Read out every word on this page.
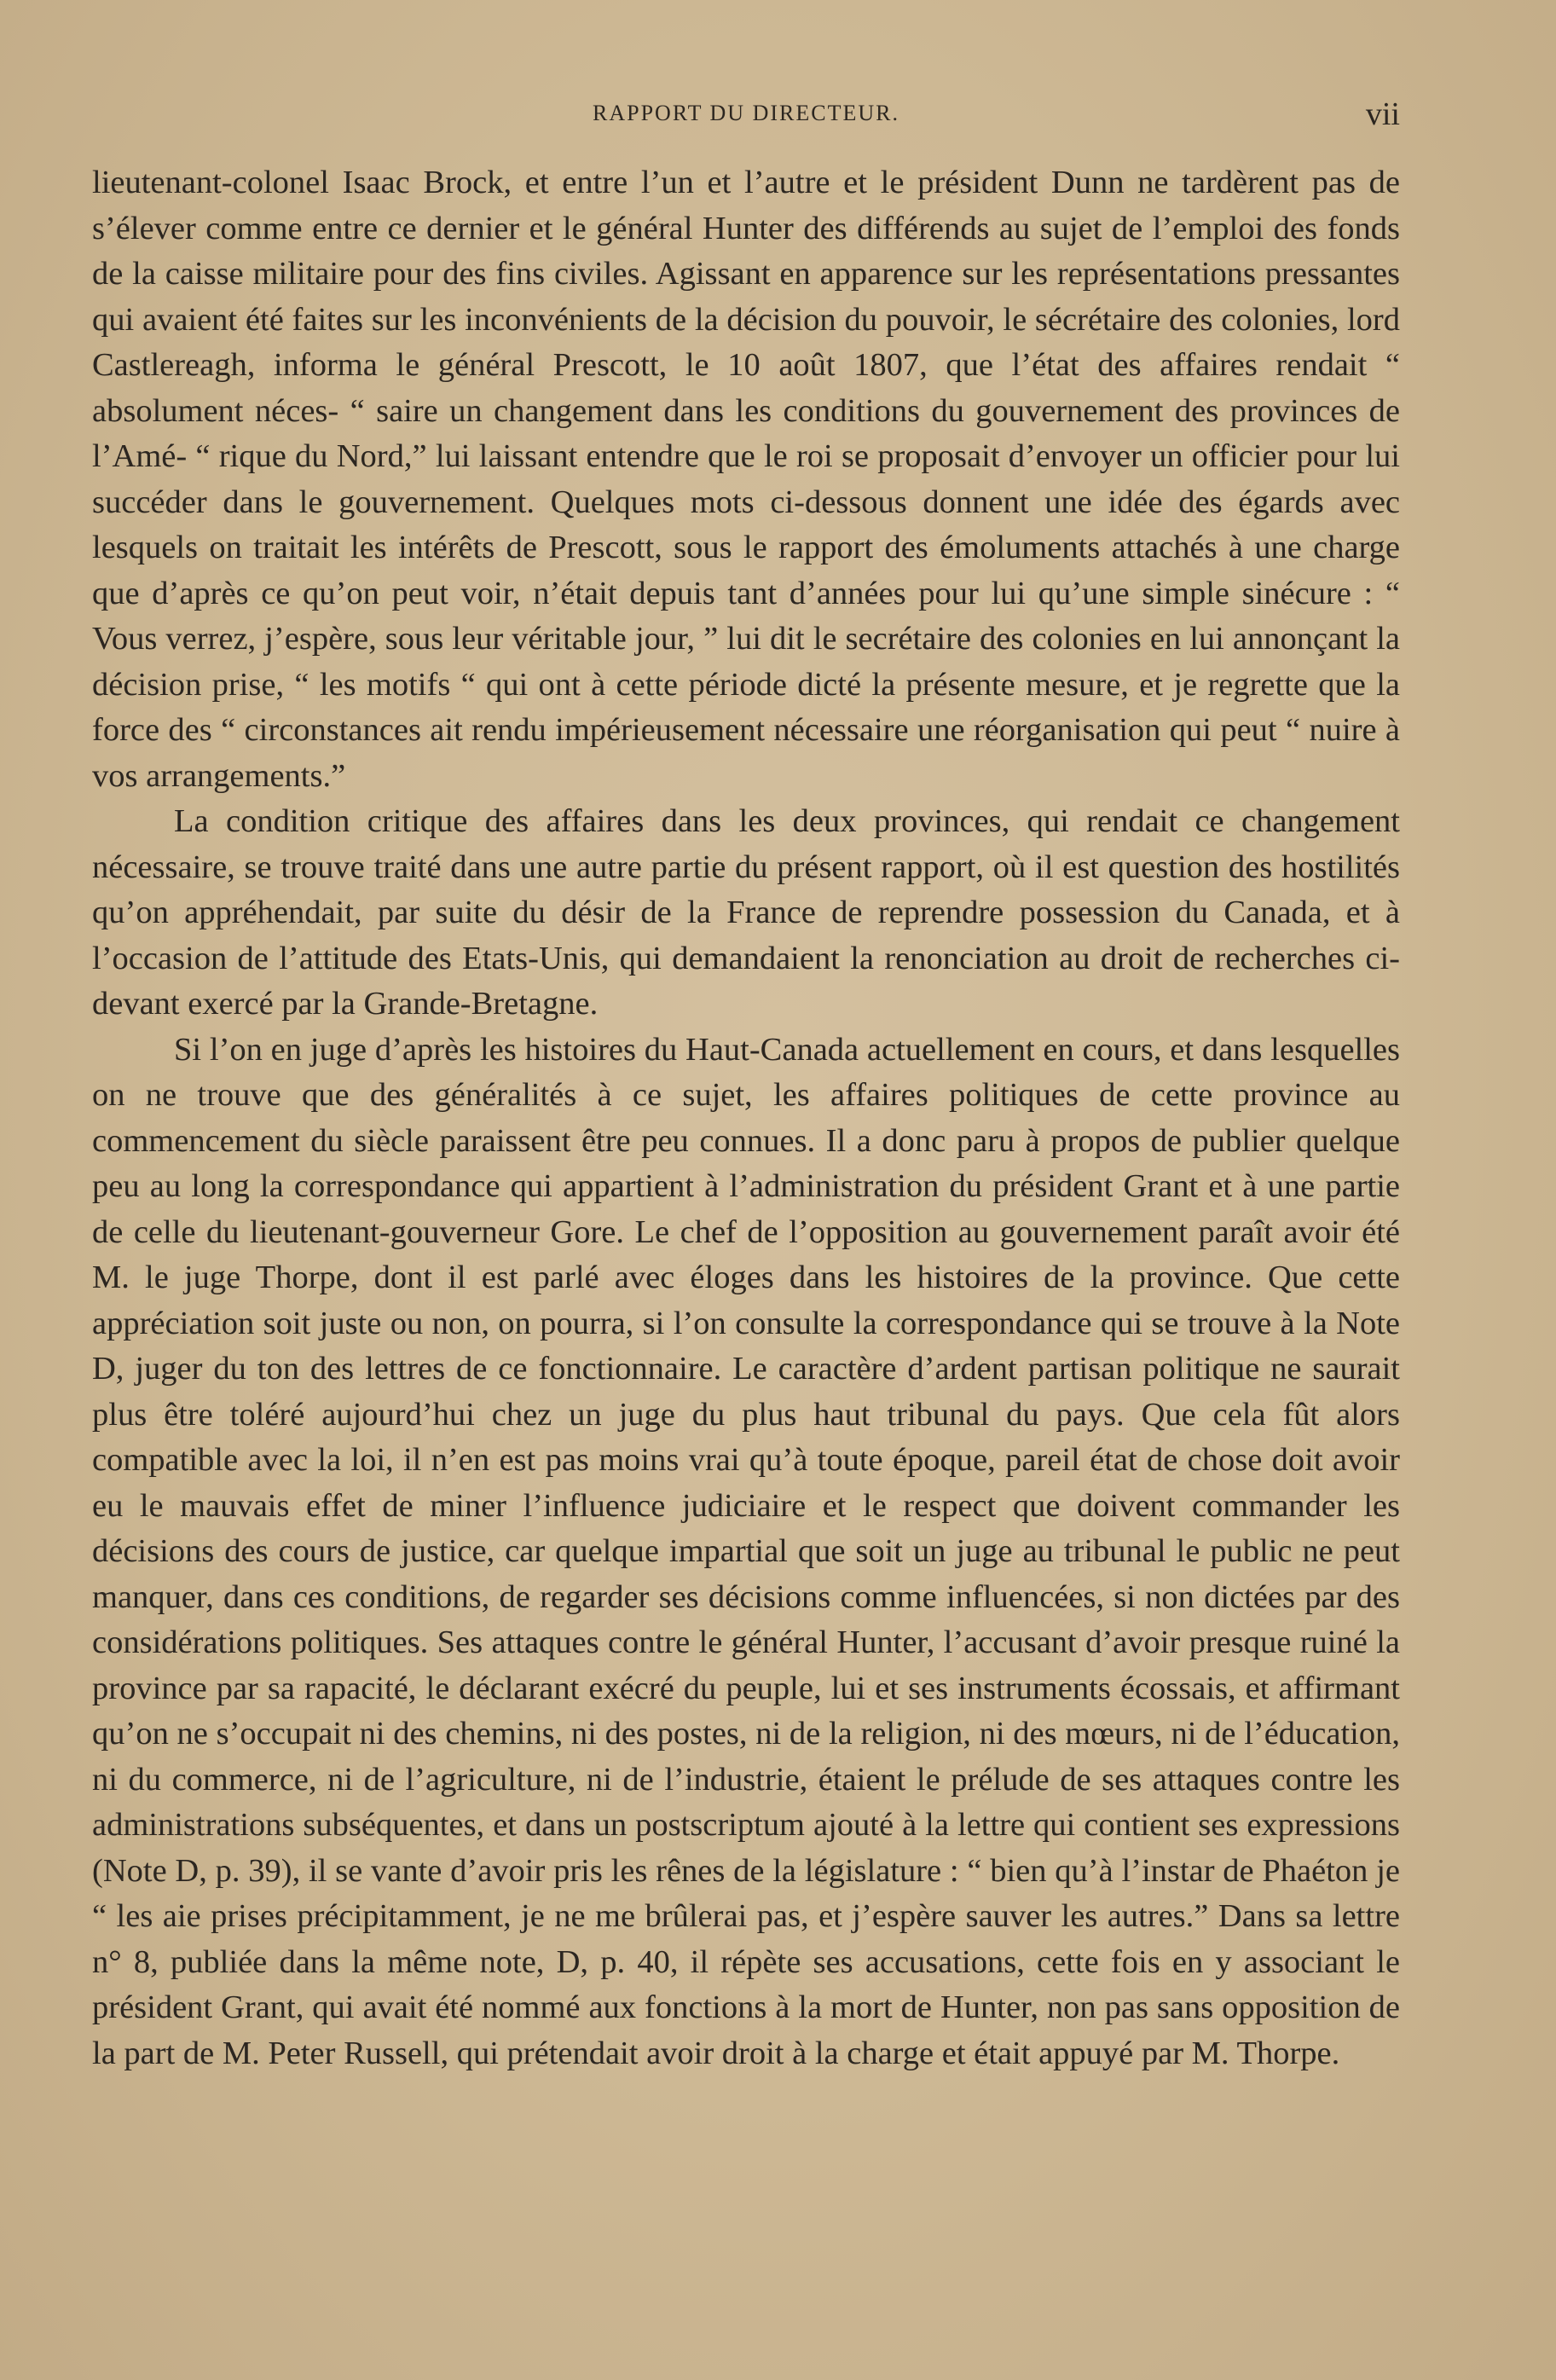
RAPPORT DU DIRECTEUR.	vii

lieutenant-colonel Isaac Brock, et entre l’un et l’autre et le président Dunn ne tardèrent pas de s’élever comme entre ce dernier et le général Hunter des différends au sujet de l’emploi des fonds de la caisse militaire pour des fins civiles. Agissant en apparence sur les représentations pressantes qui avaient été faites sur les inconvénients de la décision du pouvoir, le sécrétaire des colonies, lord Castlereagh, informa le général Prescott, le 10 août 1807, que l’état des affaires rendait “ absolument néces- “ saire un changement dans les conditions du gouvernement des provinces de l’Amé- “ rique du Nord,” lui laissant entendre que le roi se proposait d’envoyer un officier pour lui succéder dans le gouvernement. Quelques mots ci-dessous donnent une idée des égards avec lesquels on traitait les intérêts de Prescott, sous le rapport des émoluments attachés à une charge que d’après ce qu’on peut voir, n’était depuis tant d’années pour lui qu’une simple sinécure : “ Vous verrez, j’espère, sous leur véritable jour, ” lui dit le secrétaire des colonies en lui annonçant la décision prise, “ les motifs “ qui ont à cette période dicté la présente mesure, et je regrette que la force des “ circonstances ait rendu impérieusement nécessaire une réorganisation qui peut “ nuire à vos arrangements.”

La condition critique des affaires dans les deux provinces, qui rendait ce changement nécessaire, se trouve traité dans une autre partie du présent rapport, où il est question des hostilités qu’on appréhendait, par suite du désir de la France de reprendre possession du Canada, et à l’occasion de l’attitude des Etats-Unis, qui demandaient la renonciation au droit de recherches ci-devant exercé par la Grande-Bretagne.

Si l’on en juge d’après les histoires du Haut-Canada actuellement en cours, et dans lesquelles on ne trouve que des généralités à ce sujet, les affaires politiques de cette province au commencement du siècle paraissent être peu connues. Il a donc paru à propos de publier quelque peu au long la correspondance qui appartient à l’administration du président Grant et à une partie de celle du lieutenant-gouverneur Gore. Le chef de l’opposition au gouvernement paraît avoir été M. le juge Thorpe, dont il est parlé avec éloges dans les histoires de la province. Que cette appréciation soit juste ou non, on pourra, si l’on consulte la correspondance qui se trouve à la Note D, juger du ton des lettres de ce fonctionnaire. Le caractère d’ardent partisan politique ne saurait plus être toléré aujourd’hui chez un juge du plus haut tribunal du pays. Que cela fût alors compatible avec la loi, il n’en est pas moins vrai qu’à toute époque, pareil état de chose doit avoir eu le mauvais effet de miner l’influence judiciaire et le respect que doivent commander les décisions des cours de justice, car quelque impartial que soit un juge au tribunal le public ne peut manquer, dans ces conditions, de regarder ses décisions comme influencées, si non dictées par des considérations politiques. Ses attaques contre le général Hunter, l’accusant d’avoir presque ruiné la province par sa rapacité, le déclarant exécré du peuple, lui et ses instruments écossais, et affirmant qu’on ne s’occupait ni des chemins, ni des postes, ni de la religion, ni des mœurs, ni de l’éducation, ni du commerce, ni de l’agriculture, ni de l’industrie, étaient le prélude de ses attaques contre les administrations subséquentes, et dans un postscriptum ajouté à la lettre qui contient ses expressions (Note D, p. 39), il se vante d’avoir pris les rênes de la législature : “ bien qu’à l’instar de Phaéton je “ les aie prises précipitamment, je ne me brûlerai pas, et j’espère sauver les autres.” Dans sa lettre n° 8, publiée dans la même note, D, p. 40, il répète ses accusations, cette fois en y associant le président Grant, qui avait été nommé aux fonctions à la mort de Hunter, non pas sans opposition de la part de M. Peter Russell, qui prétendait avoir droit à la charge et était appuyé par M. Thorpe.
